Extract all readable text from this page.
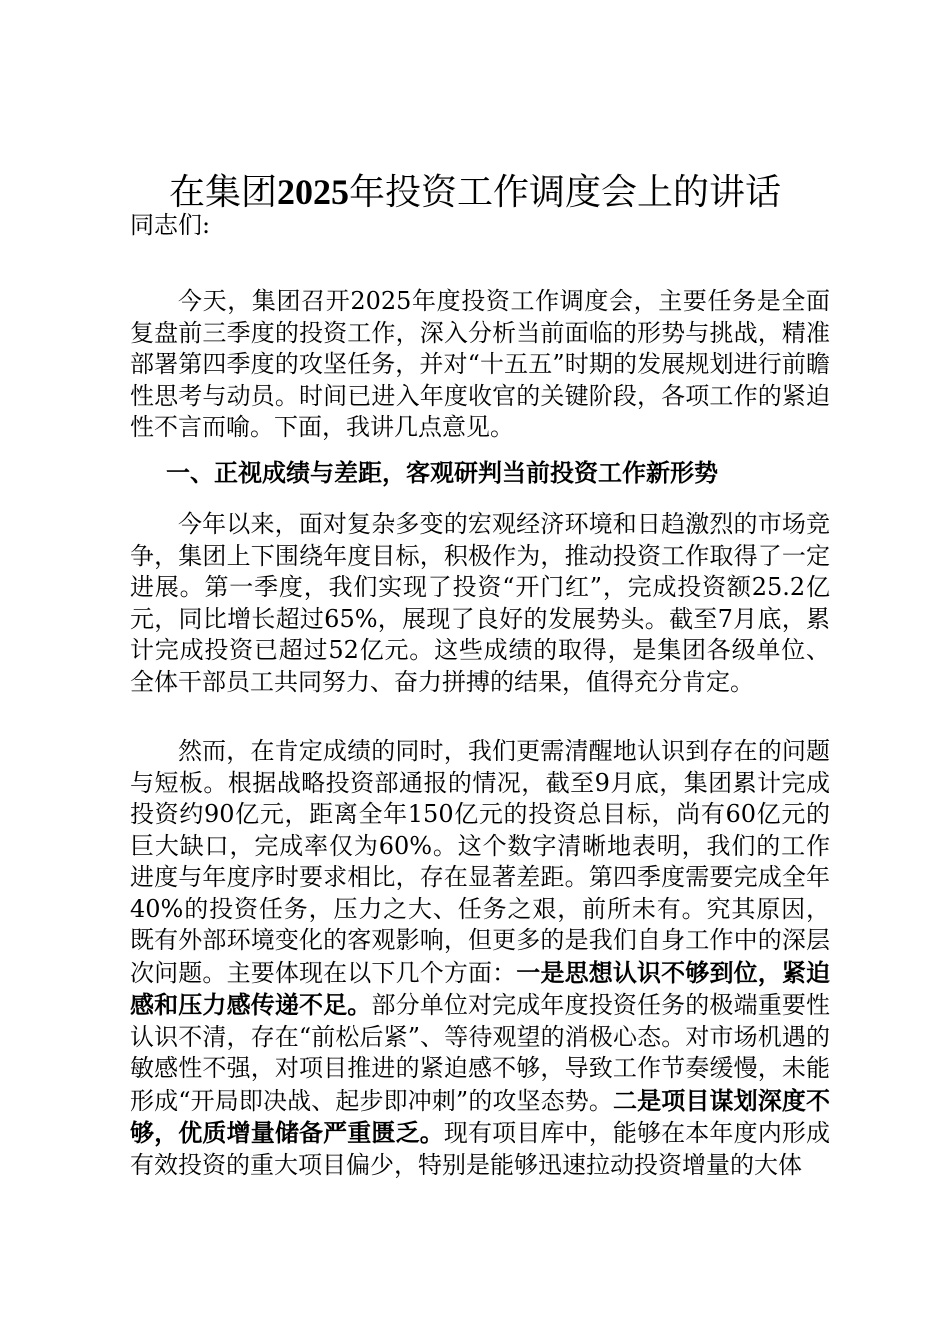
在集团2025年投资工作调度会上的讲话

同志们:

今天，集团召开2025年度投资工作调度会，主要任务是全面复盘前三季度的投资工作，深入分析当前面临的形势与挑战，精准部署第四季度的攻坚任务，并对“十五五”时期的发展规划进行前瞻性思考与动员。时间已进入年度收官的关键阶段，各项工作的紧迫性不言而喻。下面，我讲几点意见。

一、正视成绩与差距，客观研判当前投资工作新形势

今年以来，面对复杂多变的宏观经济环境和日趋激烈的市场竞争，集团上下围绕年度目标，积极作为，推动投资工作取得了一定进展。第一季度，我们实现了投资“开门红”，完成投资额25.2亿元，同比增长超过65%，展现了良好的发展势头。截至7月底，累计完成投资已超过52亿元。这些成绩的取得，是集团各级单位、全体干部员工共同努力、奋力拼搏的结果，值得充分肯定。

然而，在肯定成绩的同时，我们更需清醒地认识到存在的问题与短板。根据战略投资部通报的情况，截至9月底，集团累计完成投资约90亿元，距离全年150亿元的投资总目标，尚有60亿元的巨大缺口，完成率仅为60%。这个数字清晰地表明，我们的工作进度与年度序时要求相比，存在显著差距。第四季度需要完成全年40%的投资任务，压力之大、任务之艰，前所未有。究其原因，既有外部环境变化的客观影响，但更多的是我们自身工作中的深层次问题。主要体现在以下几个方面：一是思想认识不够到位，紧迫感和压力感传递不足。部分单位对完成年度投资任务的极端重要性认识不清，存在“前松后紧”、等待观望的消极心态。对市场机遇的敏感性不强，对项目推进的紧迫感不够，导致工作节奏缓慢，未能形成“开局即决战、起步即冲刺”的攻坚态势。二是项目谋划深度不够，优质增量储备严重匮乏。现有项目库中，能够在本年度内形成有效投资的重大项目偏少，特别是能够迅速拉动投资增量的大体
